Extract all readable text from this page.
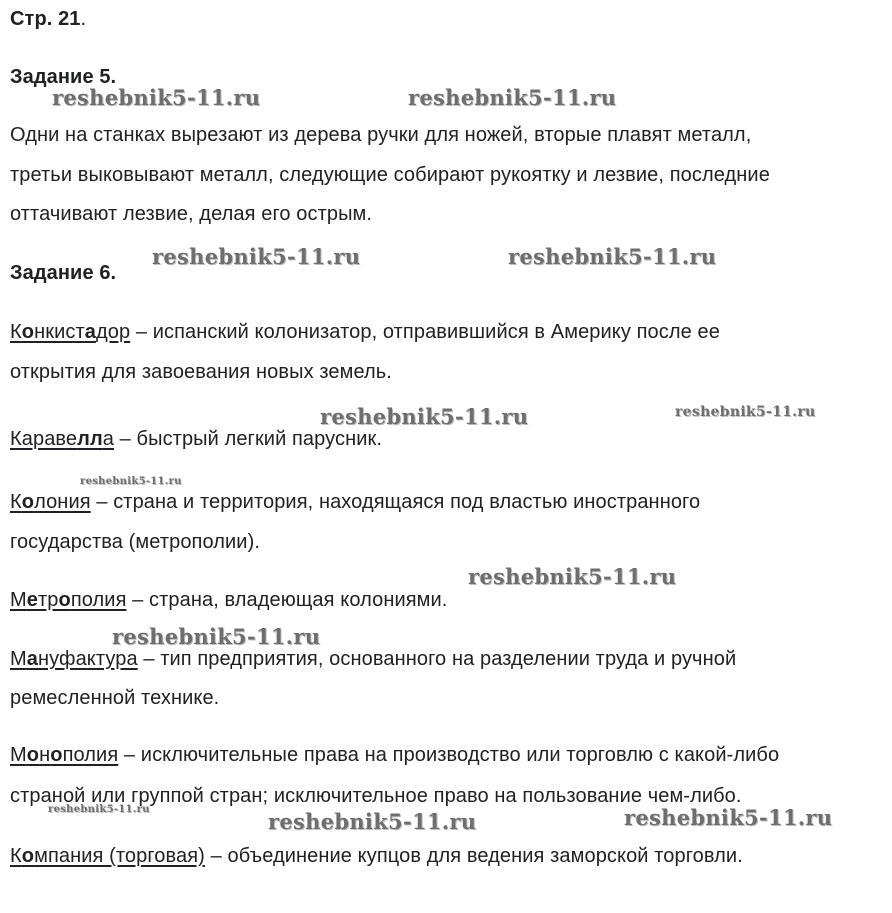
Стр. 21.

Задание 5.

Одни на станках вырезают из дерева ручки для ножей, вторые плавят металл,

третьи выковывают металл, следующие собирают рукоятку и лезвие, последние

оттачивают лезвие, делая его острым.

Задание 6.

Конкистадор – испанский колонизатор, отправившийся в Америку после ее

открытия для завоевания новых земель.

Каравелла – быстрый легкий парусник.

Колония – страна и территория, находящаяся под властью иностранного

государства (метрополии).

Метрополия – страна, владеющая колониями.

Мануфактура – тип предприятия, основанного на разделении труда и ручной

ремесленной технике.

Монополия – исключительные права на производство или торговлю с какой-либо

страной или группой стран; исключительное право на пользование чем-либо.

Компания (торговая) – объединение купцов для ведения заморской торговли.

reshebnik5-11.ru	reshebnik5-11.ru
reshebnik5-11.ru	reshebnik5-11.ru
reshebnik5-11.ru	reshebnik5-11.ru
reshebnik5-11.ru
reshebnik5-11.ru
reshebnik5-11.ru
reshebnik5-11.ru	reshebnik5-11.ru	reshebnik5-11.ru
